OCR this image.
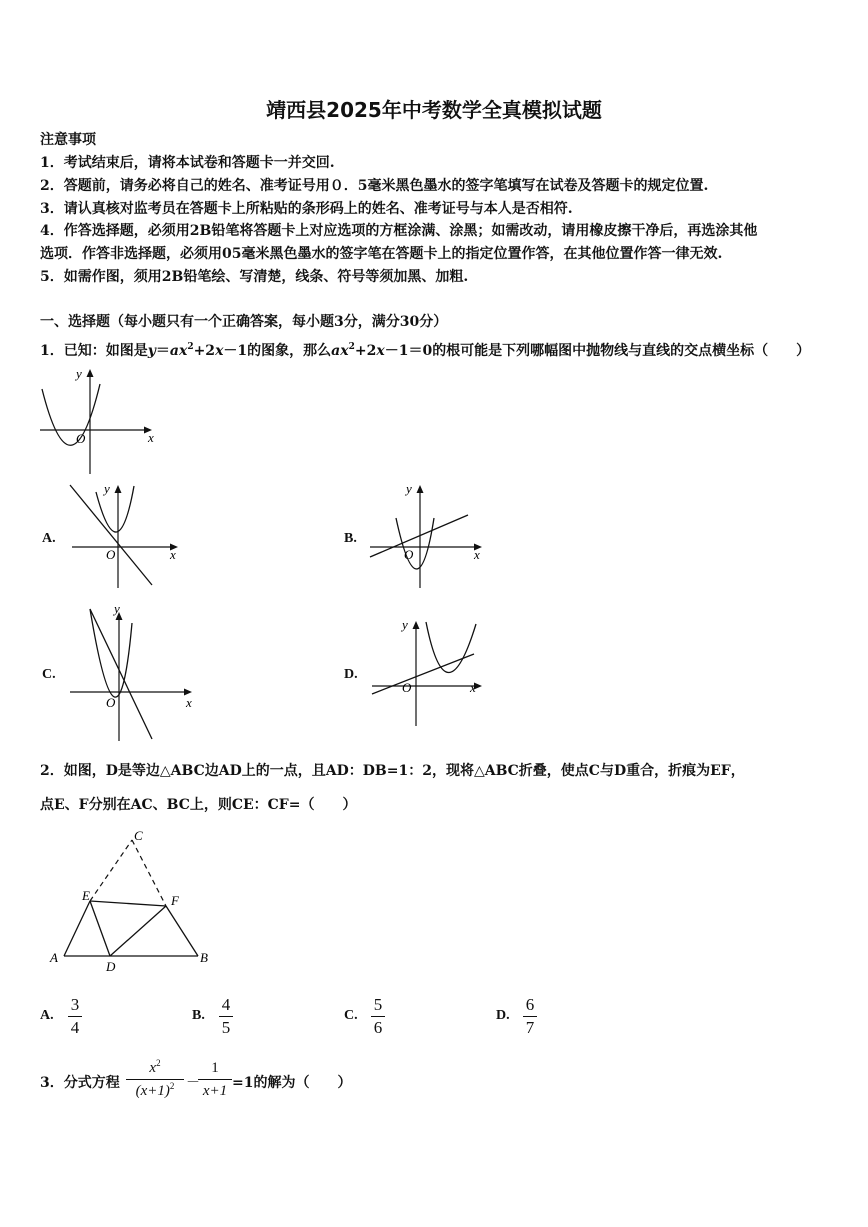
靖西县2025年中考数学全真模拟试题
注意事项
1．考试结束后，请将本试卷和答题卡一并交回.
2．答题前，请务必将自己的姓名、准考证号用０．5毫米黑色墨水的签字笔填写在试卷及答题卡的规定位置.
3．请认真核对监考员在答题卡上所粘贴的条形码上的姓名、准考证号与本人是否相符.
4．作答选择题，必须用2B铅笔将答题卡上对应选项的方框涂满、涂黑；如需改动，请用橡皮擦干净后，再选涂其他
选项．作答非选择题，必须用05毫米黑色墨水的签字笔在答题卡上的指定位置作答，在其他位置作答一律无效.
5．如需作图，须用2B铅笔绘、写清楚，线条、符号等须加黑、加粗.
一、选择题（每小题只有一个正确答案，每小题3分，满分30分）
1．已知：如图是$y=ax^2+2x-1$的图象，那么$ax^2+2x-1=0$的根可能是下列哪幅图中抛物线与直线的交点横坐标（　　）
x
y
O
A.
x
y
O
B.
x
y
O
C.
x
y
O
D.
x
y
O
2．如图，D是等边△ABC边AD上的一点，且AD：DB=1：2，现将△ABC折叠，使点C与D重合，折痕为EF，
点E、F分别在AC、BC上，则CE：CF=（　　）
A	B
C
D
E	F
A.
3
4
B.
4
5
C.
5
6
D.
6
7
3．分式方程
$x^2$
$(x+1)^2$ －
1
x+1 =1的解为（　　）
